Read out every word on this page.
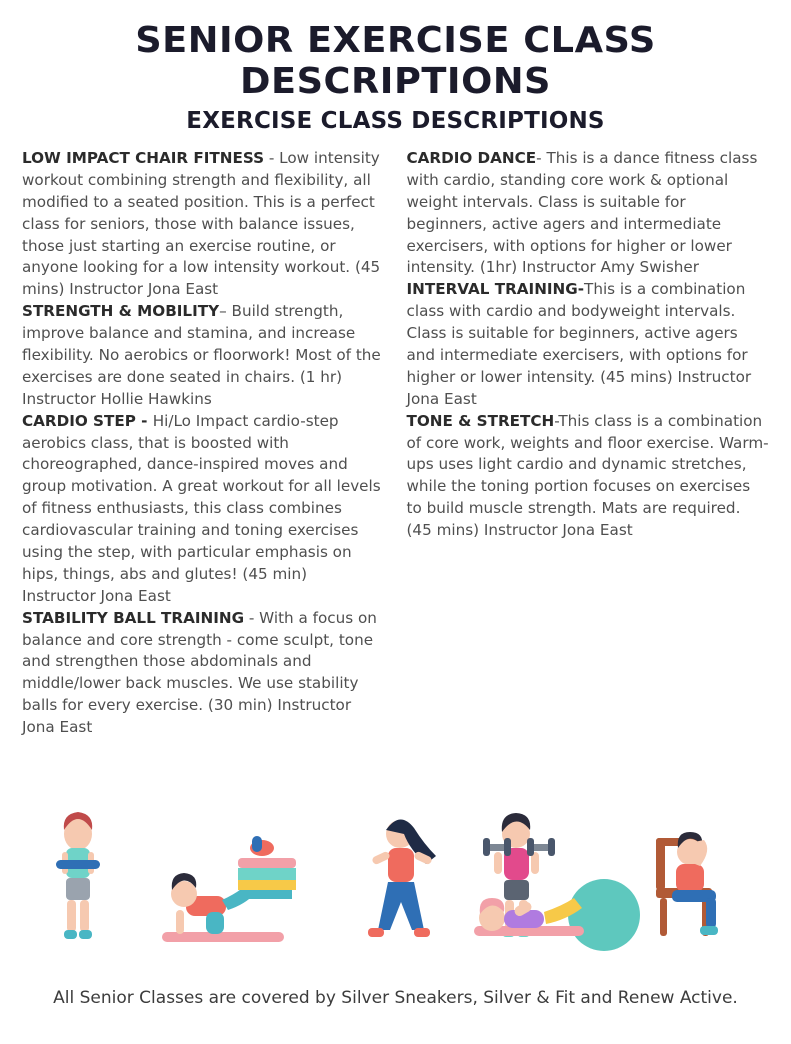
SENIOR EXERCISE CLASS DESCRIPTIONS
EXERCISE CLASS DESCRIPTIONS
LOW IMPACT CHAIR FITNESS - Low intensity workout combining strength and flexibility, all modified to a seated position. This is a perfect class for seniors, those with balance issues, those just starting an exercise routine, or anyone looking for a low intensity workout. (45 mins) Instructor Jona East
STRENGTH & MOBILITY– Build strength, improve balance and stamina, and increase flexibility. No aerobics or floorwork! Most of the exercises are done seated in chairs. (1 hr) Instructor Hollie Hawkins
CARDIO STEP - Hi/Lo Impact cardio-step aerobics class, that is boosted with choreographed, dance-inspired moves and group motivation. A great workout for all levels of fitness enthusiasts, this class combines cardiovascular training and toning exercises using the step, with particular emphasis on hips, things, abs and glutes! (45 min) Instructor Jona East
STABILITY BALL TRAINING - With a focus on balance and core strength - come sculpt, tone and strengthen those abdominals and middle/lower back muscles. We use stability balls for every exercise. (30 min) Instructor Jona East
CARDIO DANCE- This is a dance fitness class with cardio, standing core work & optional weight intervals. Class is suitable for beginners, active agers and intermediate exercisers, with options for higher or lower intensity. (1hr) Instructor Amy Swisher
INTERVAL TRAINING-This is a combination class with cardio and bodyweight intervals. Class is suitable for beginners, active agers and intermediate exercisers, with options for higher or lower intensity. (45 mins) Instructor Jona East
TONE & STRETCH-This class is a combination of core work, weights and floor exercise. Warm-ups uses light cardio and dynamic stretches, while the toning portion focuses on exercises to build muscle strength. Mats are required. (45 mins) Instructor Jona East
All Senior Classes are covered by Silver Sneakers, Silver & Fit and Renew Active.
